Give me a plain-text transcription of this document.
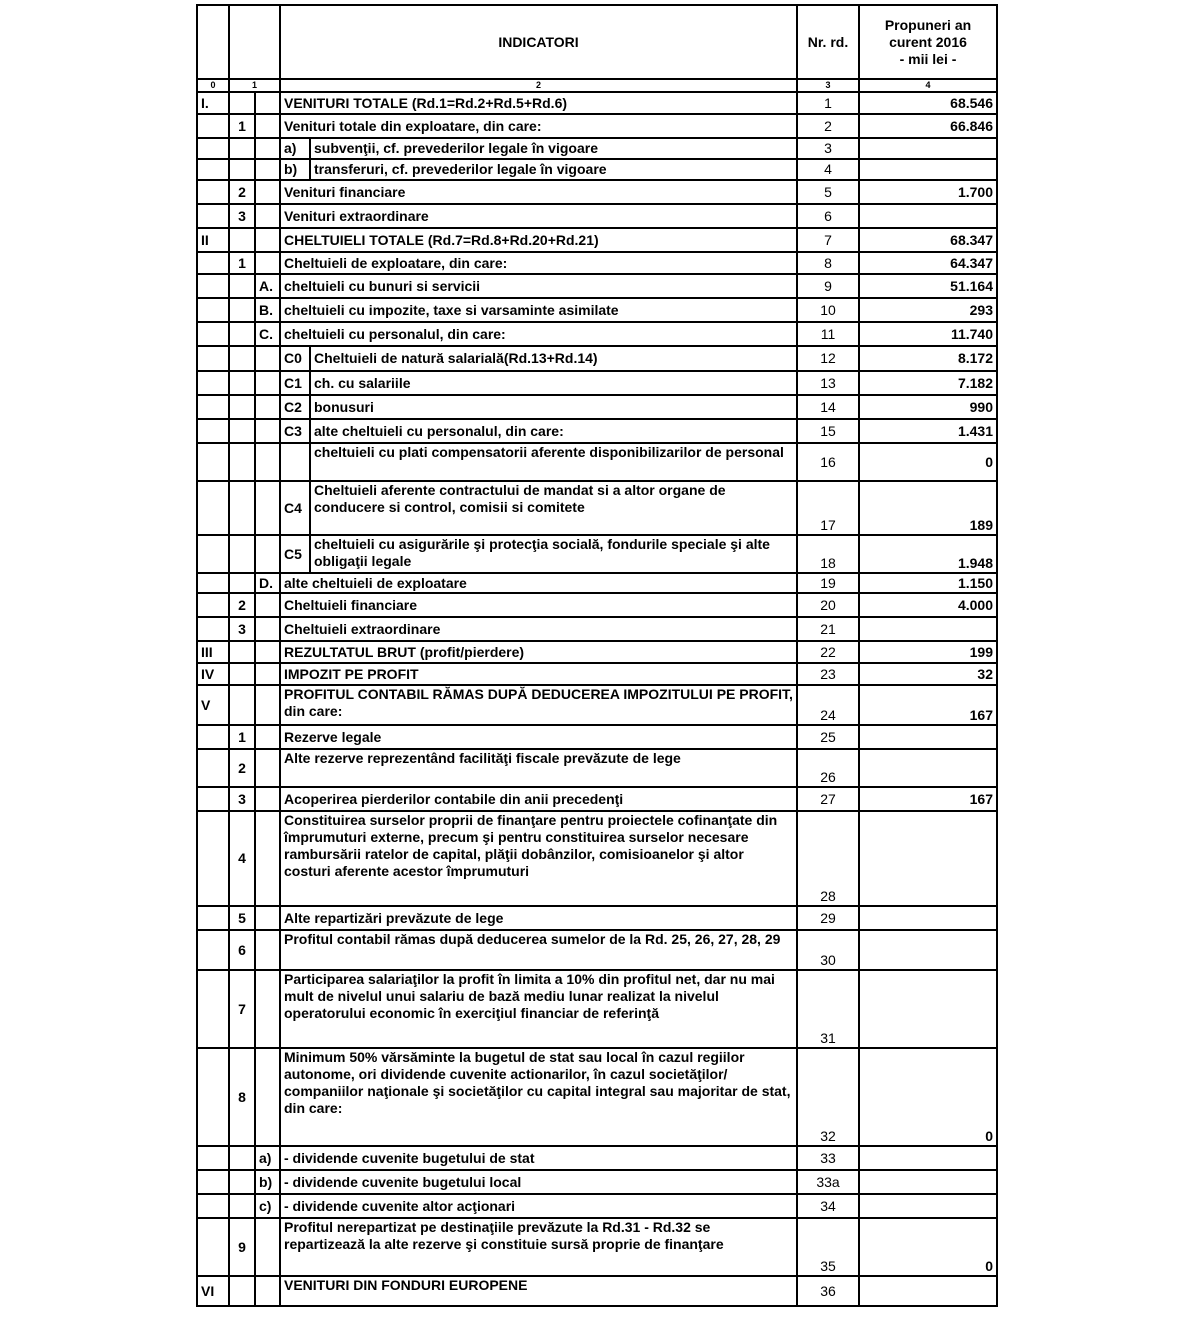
			INDICATORI		Nr. rd.	Propuneri an
curent 2016
- mii lei -

0	1		2		3	4
I.			VENITURI TOTALE (Rd.1=Rd.2+Rd.5+Rd.6)		1	68.546
	1		Venituri totale din exploatare, din care:		2	66.846
			a)	subvenţii, cf. prevederilor legale în vigoare	3	
			b)	transferuri, cf. prevederilor legale în vigoare	4	
	2		Venituri financiare		5	1.700
	3		Venituri extraordinare		6	
II			CHELTUIELI TOTALE (Rd.7=Rd.8+Rd.20+Rd.21)		7	68.347
	1		Cheltuieli de exploatare, din care:		8	64.347
		A.	cheltuieli cu bunuri si servicii		9	51.164
		B.	cheltuieli cu impozite, taxe si varsaminte asimilate		10	293
		C.	cheltuieli cu personalul, din care:		11	11.740
			C0	Cheltuieli de natură salarială(Rd.13+Rd.14)	12	8.172
			C1	ch. cu salariile	13	7.182
			C2	bonusuri	14	990
			C3	alte cheltuieli cu personalul, din care:	15	1.431
				cheltuieli cu plati compensatorii aferente disponibilizarilor de personal	16	0
			C4	Cheltuieli aferente contractului de mandat si a altor organe de conducere si control, comisii si comitete	17	189
			C5	cheltuieli cu asigurările şi protecţia socială, fondurile speciale şi alte obligaţii legale	18	1.948
		D.	alte cheltuieli de exploatare		19	1.150
	2		Cheltuieli financiare		20	4.000
	3		Cheltuieli extraordinare		21	
III			REZULTATUL BRUT (profit/pierdere)		22	199
IV			IMPOZIT PE PROFIT		23	32
V			PROFITUL CONTABIL RĂMAS DUPĂ DEDUCEREA IMPOZITULUI PE PROFIT, din care:		24	167
	1		Rezerve legale		25	
	2		Alte rezerve reprezentând facilităţi fiscale prevăzute de lege		26	
	3		Acoperirea pierderilor contabile din anii precedenţi		27	167
	4		Constituirea surselor proprii de finanţare pentru proiectele cofinanţate din împrumuturi externe, precum şi pentru constituirea surselor necesare rambursării ratelor de capital, plăţii dobânzilor, comisioanelor şi altor costuri aferente acestor împrumuturi		28	
	5		Alte repartizări prevăzute de lege		29	
	6		Profitul contabil rămas după deducerea sumelor de la Rd. 25, 26, 27, 28, 29		30	
	7		Participarea salariaţilor la profit în limita a 10% din profitul net, dar nu mai mult de nivelul unui salariu de bază mediu lunar realizat la nivelul operatorului economic în exerciţiul financiar de referinţă		31	
	8		Minimum 50% vărsăminte la bugetul de stat sau local în cazul regiilor autonome, ori dividende cuvenite actionarilor, în cazul societăţilor/ companiilor naţionale şi societăţilor cu capital integral sau majoritar de stat, din care:		32	0
		a)	- dividende cuvenite bugetului de stat		33	
		b)	- dividende cuvenite bugetului local		33a	
		c)	- dividende cuvenite altor acţionari		34	
	9		Profitul nerepartizat pe destinaţiile prevăzute la Rd.31 - Rd.32 se repartizează la alte rezerve şi constituie sursă proprie de finanţare		35	0
VI			VENITURI DIN FONDURI EUROPENE		36	
